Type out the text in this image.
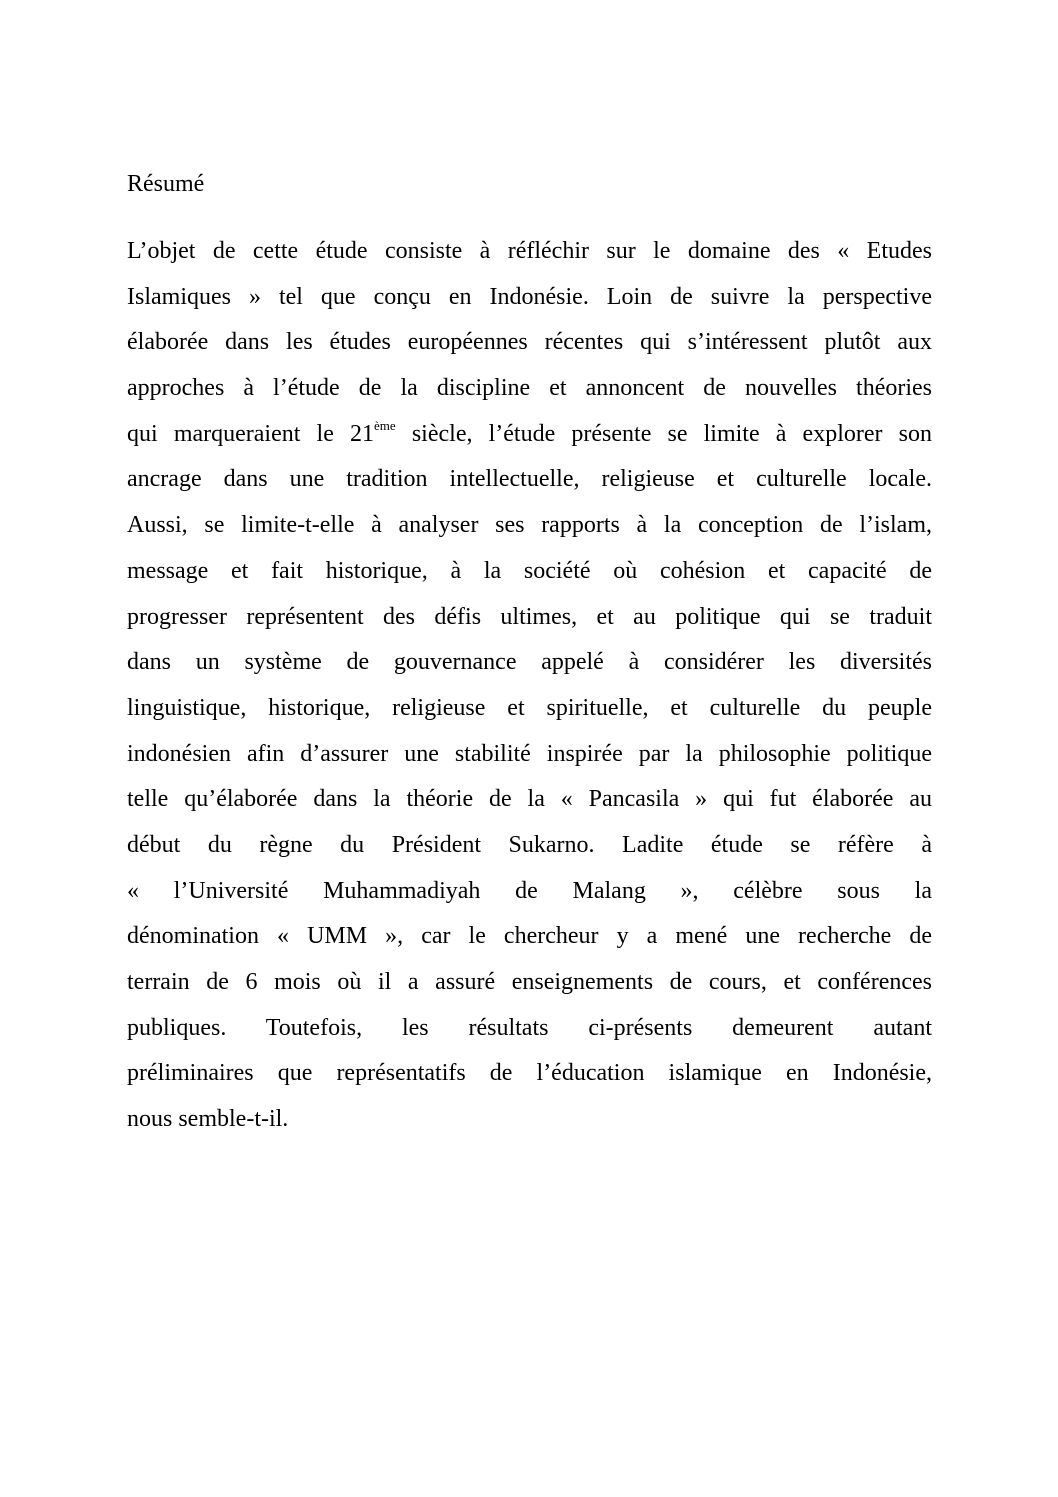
Résumé
L’objet de cette étude consiste à réfléchir sur le domaine des « Etudes
Islamiques » tel que conçu en Indonésie. Loin de suivre la perspective
élaborée dans les études européennes récentes qui s’intéressent plutôt aux
approches à l’étude de la discipline et annoncent de nouvelles théories
qui marqueraient le 21ème siècle, l’étude présente se limite à explorer son
ancrage dans une tradition intellectuelle, religieuse et culturelle locale.
Aussi, se limite-t-elle à analyser ses rapports à la conception de l’islam,
message et fait historique, à la société où cohésion et capacité de
progresser représentent des défis ultimes, et au politique qui se traduit
dans un système de gouvernance appelé à considérer les diversités
linguistique, historique, religieuse et spirituelle, et culturelle du peuple
indonésien afin d’assurer une stabilité inspirée par la philosophie politique
telle qu’élaborée dans la théorie de la « Pancasila » qui fut élaborée au
début du règne du Président Sukarno. Ladite étude se réfère à
« l’Université Muhammadiyah de Malang », célèbre sous la
dénomination « UMM », car le chercheur y a mené une recherche de
terrain de 6 mois où il a assuré enseignements de cours, et conférences
publiques. Toutefois, les résultats ci-présents demeurent autant
préliminaires que représentatifs de l’éducation islamique en Indonésie,
nous semble-t-il.
